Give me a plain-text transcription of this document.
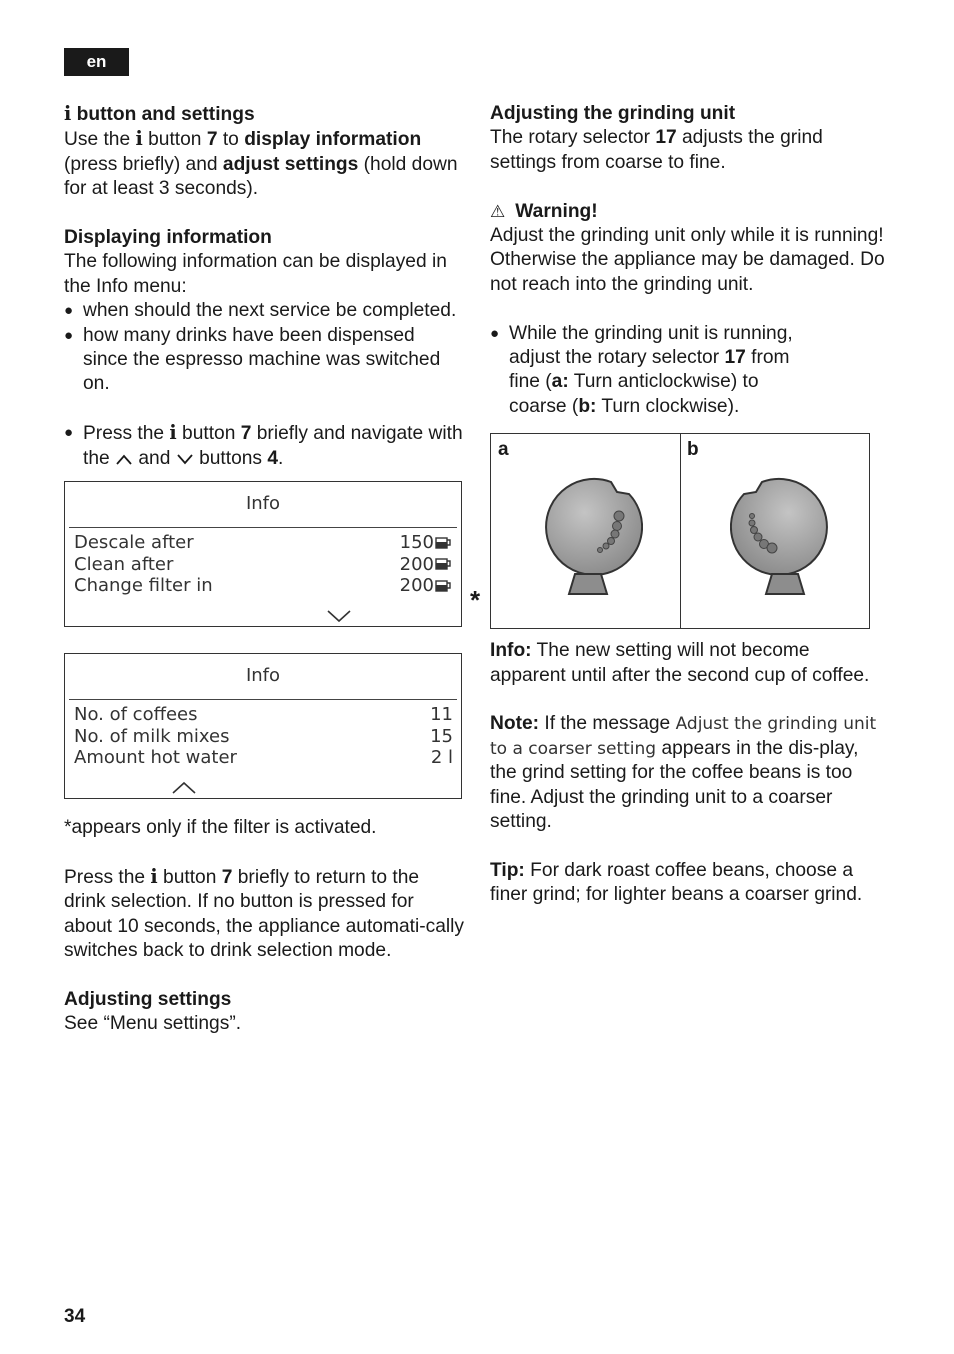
en

i button and settings

Use the i button 7 to display information (press briefly) and adjust settings (hold down for at least 3 seconds).

Displaying information

The following information can be displayed in the Info menu:

● when should the next service be completed.

● how many drinks have been dispensed since the espresso machine was switched on.

● Press the i button 7 briefly and navigate with the and buttons 4.

Info
Descale after	150
Clean after	200
Change filter in	200
Info
No. of coffees	11
No. of milk mixes	15
Amount hot water	2 l

*appears only if the filter is activated.

Press the i button 7 briefly to return to the drink selection. If no button is pressed for about 10 seconds, the appliance automati-cally switches back to drink selection mode.

Adjusting settings

See “Menu settings”.

*

Adjusting the grinding unit

The rotary selector 17 adjusts the grind settings from coarse to fine.

⚠ Warning!

Adjust the grinding unit only while it is running! Otherwise the appliance may be damaged. Do not reach into the grinding unit.

● While the grinding unit is running, adjust the rotary selector 17 from fine (a: Turn anticlockwise) to coarse (b: Turn clockwise).

a	b

Info: The new setting will not become apparent until after the second cup of coffee.

Note: If the message Adjust the grinding unit to a coarser setting appears in the dis-play, the grind setting for the coffee beans is too fine. Adjust the grinding unit to a coarser setting.

Tip: For dark roast coffee beans, choose a finer grind; for lighter beans a coarser grind.

34
